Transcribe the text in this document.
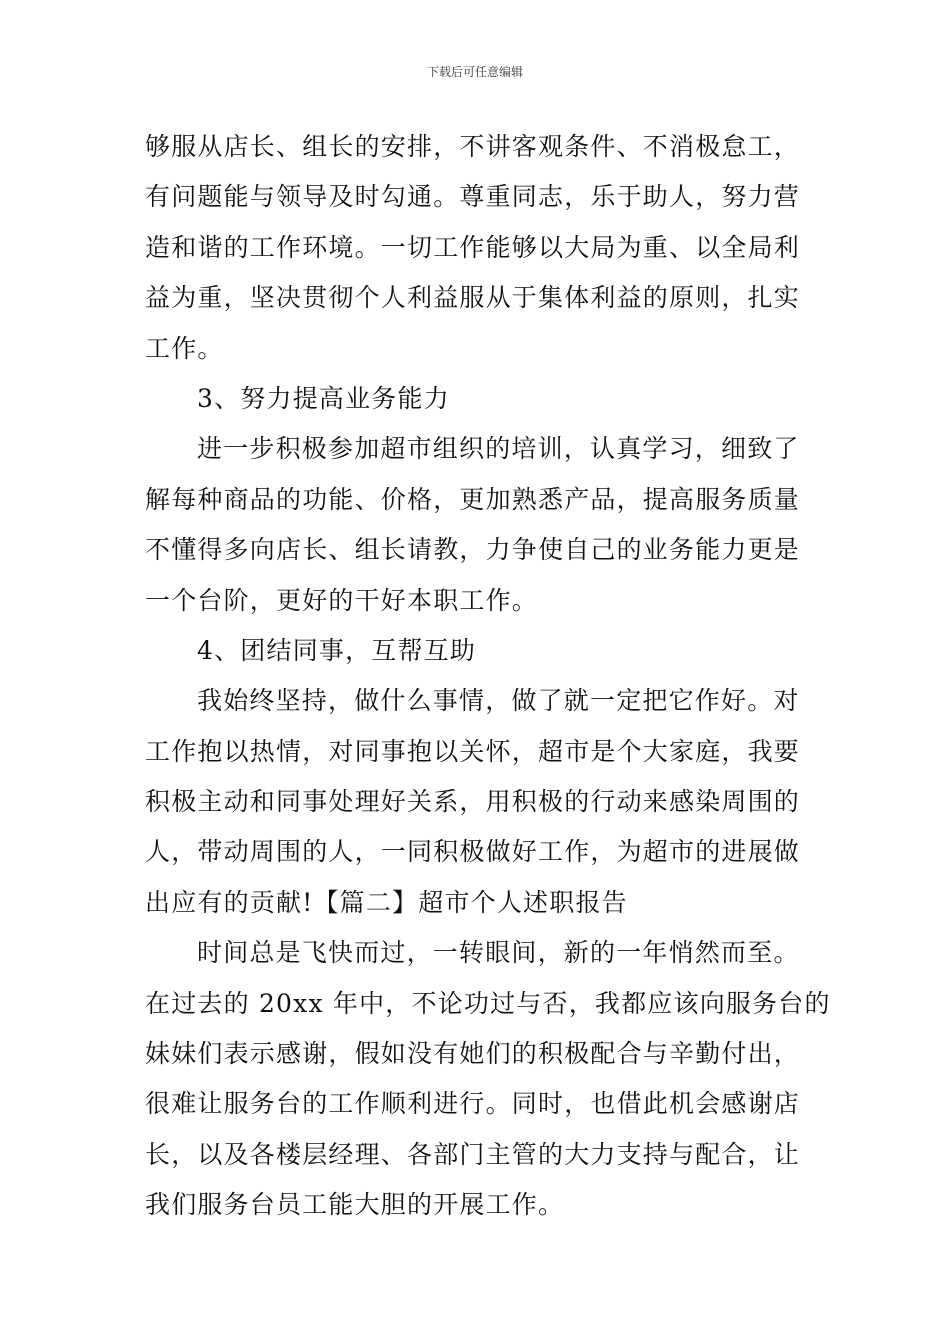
下载后可任意编辑
够服从店长、组长的安排，不讲客观条件、不消极怠工，
有问题能与领导及时勾通。尊重同志，乐于助人，努力营
造和谐的工作环境。一切工作能够以大局为重、以全局利
益为重，坚决贯彻个人利益服从于集体利益的原则，扎实
工作。
3、努力提高业务能力
进一步积极参加超市组织的培训，认真学习，细致了
解每种商品的功能、价格，更加熟悉产品，提高服务质量
不懂得多向店长、组长请教，力争使自己的业务能力更是
一个台阶，更好的干好本职工作。
4、团结同事，互帮互助
我始终坚持，做什么事情，做了就一定把它作好。对
工作抱以热情，对同事抱以关怀，超市是个大家庭，我要
积极主动和同事处理好关系，用积极的行动来感染周围的
人，带动周围的人，一同积极做好工作，为超市的进展做
出应有的贡献!【篇二】超市个人述职报告
时间总是飞快而过，一转眼间，新的一年悄然而至。
在过去的 20xx 年中，不论功过与否，我都应该向服务台的
妹妹们表示感谢，假如没有她们的积极配合与辛勤付出，
很难让服务台的工作顺利进行。同时，也借此机会感谢店
长，以及各楼层经理、各部门主管的大力支持与配合，让
我们服务台员工能大胆的开展工作。
